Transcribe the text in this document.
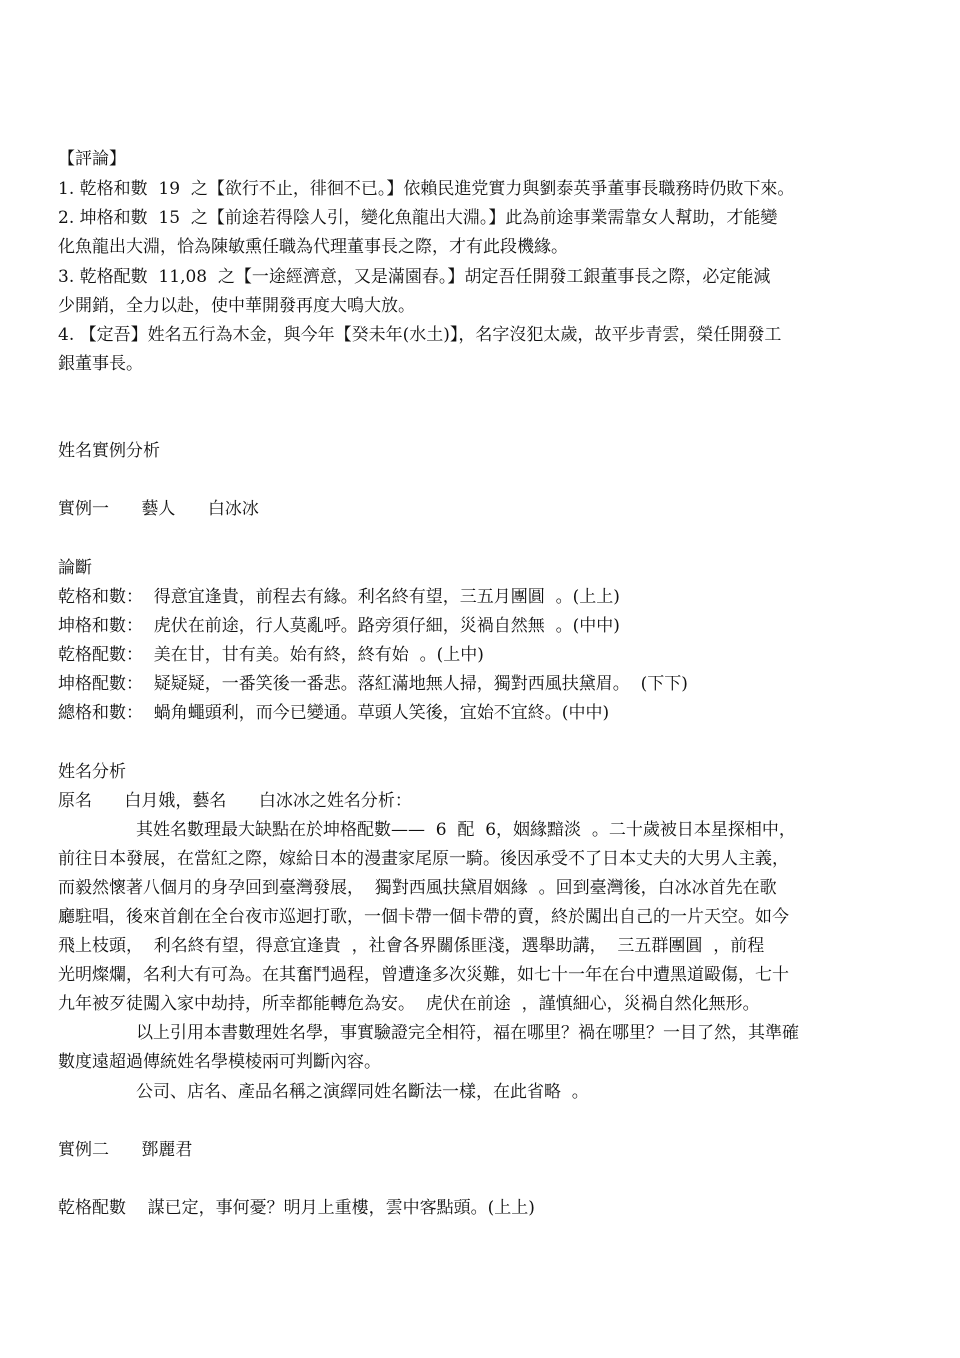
【評論】
1. 乾格和數  19  之【欲行不止，徘徊不已。】依賴民進党實力與劉泰英爭董事長職務時仍敗下來。
2. 坤格和數  15  之【前途若得陰人引，變化魚龍出大淵。】此為前途事業需靠女人幫助，才能變
化魚龍出大淵，恰為陳敏熏任職為代理董事長之際，才有此段機緣。
3. 乾格配數  11,08  之【一途經濟意，又是滿園春。】胡定吾任開發工銀董事長之際，必定能減
少開銷，全力以赴，使中華開發再度大鳴大放。
4. 【定吾】姓名五行為木金，與今年【癸未年(水土)】，名字沒犯太歲，故平步青雲，榮任開發工
銀董事長。
姓名實例分析
實例一      藝人      白冰冰
論斷
乾格和數：  得意宜逢貴，前程去有緣。利名終有望，三五月團圓  。(上上)
坤格和數：  虎伏在前途，行人莫亂呼。路旁須仔細，災禍自然無  。(中中)
乾格配數：  美在甘，甘有美。始有終，終有始  。(上中)
坤格配數：  疑疑疑，一番笑後一番悲。落紅滿地無人掃，獨對西風扶黛眉。  (下下)
總格和數：  蝸角蠅頭利，而今已變通。草頭人笑後，宜始不宜終。(中中)
姓名分析
原名      白月娥，藝名      白冰冰之姓名分析：
其姓名數理最大缺點在於坤格配數——  6  配  6，姻緣黯淡  。二十歲被日本星探相中，
前往日本發展，在當紅之際，嫁給日本的漫畫家尾原一騎。後因承受不了日本丈夫的大男人主義，
而毅然懷著八個月的身孕回到臺灣發展，  獨對西風扶黛眉姻緣  。回到臺灣後，白冰冰首先在歌
廳駐唱，後來首創在全台夜市巡迴打歌，一個卡帶一個卡帶的賣，終於闖出自己的一片天空。如今
飛上枝頭，  利名終有望，得意宜逢貴  ，社會各界關係匪淺，選舉助講，  三五群團圓  ，前程
光明燦爛，名利大有可為。在其奮鬥過程，曾遭逢多次災難，如七十一年在台中遭黑道毆傷，七十
九年被歹徒闖入家中劫持，所幸都能轉危為安。  虎伏在前途  ，謹慎細心，災禍自然化無形。
以上引用本書數理姓名學，事實驗證完全相符，福在哪里？禍在哪里？一目了然，其準確
數度遠超過傳統姓名學模棱兩可判斷內容。
公司、店名、產品名稱之演繹同姓名斷法一樣，在此省略  。
實例二      鄧麗君
乾格配數    謀已定，事何憂？明月上重樓，雲中客點頭。(上上)
